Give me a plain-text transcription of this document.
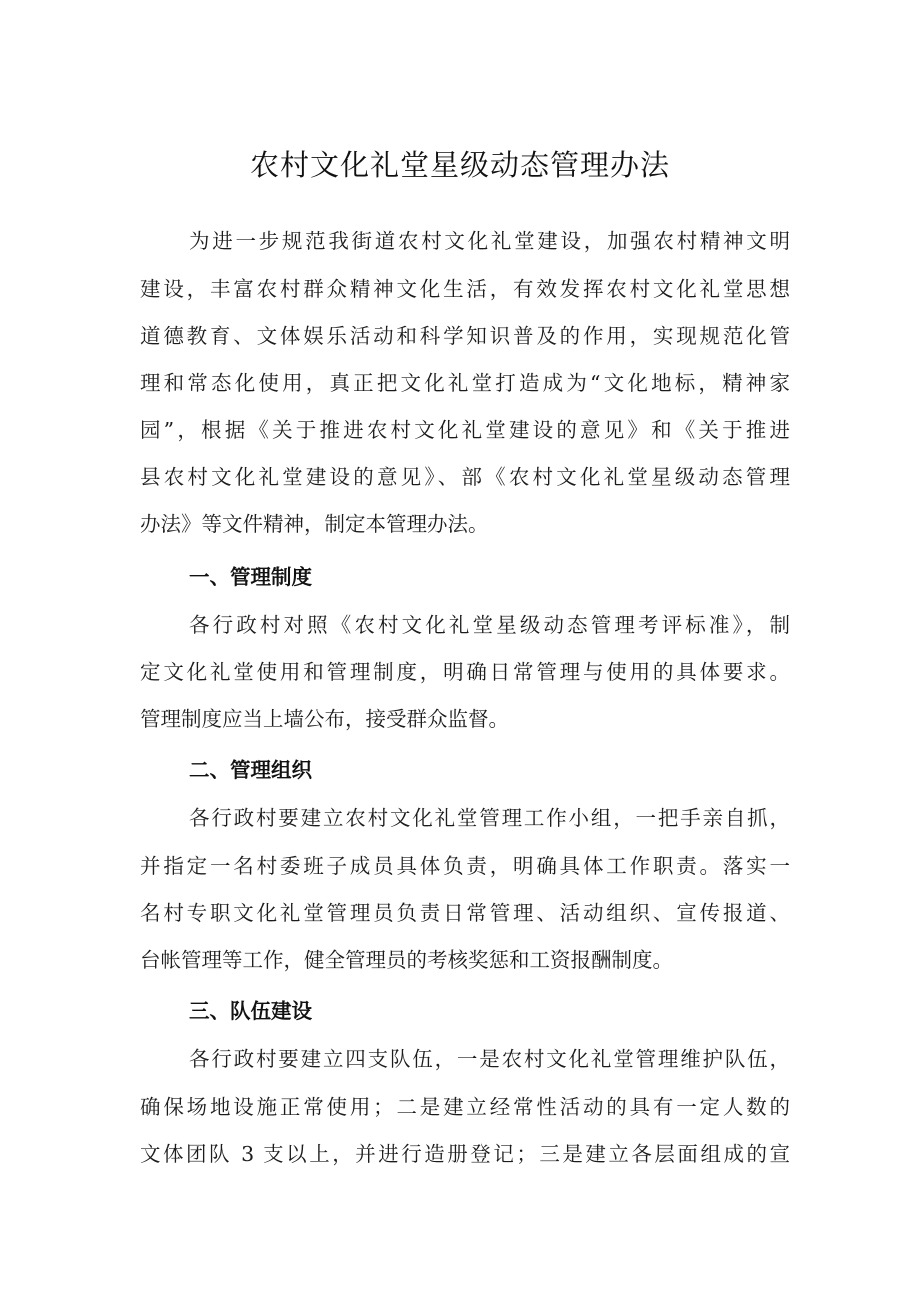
农村文化礼堂星级动态管理办法
为进一步规范我街道农村文化礼堂建设，加强农村精神文明
建设，丰富农村群众精神文化生活，有效发挥农村文化礼堂思想
道德教育、文体娱乐活动和科学知识普及的作用，实现规范化管
理和常态化使用，真正把文化礼堂打造成为“文化地标，精神家
园”，根据《关于推进农村文化礼堂建设的意见》和《关于推进
县农村文化礼堂建设的意见》、部《农村文化礼堂星级动态管理
办法》等文件精神，制定本管理办法。
一、管理制度
各行政村对照《农村文化礼堂星级动态管理考评标准》，制
定文化礼堂使用和管理制度，明确日常管理与使用的具体要求。
管理制度应当上墙公布，接受群众监督。
二、管理组织
各行政村要建立农村文化礼堂管理工作小组，一把手亲自抓，
并指定一名村委班子成员具体负责，明确具体工作职责。落实一
名村专职文化礼堂管理员负责日常管理、活动组织、宣传报道、
台帐管理等工作，健全管理员的考核奖惩和工资报酬制度。
三、队伍建设
各行政村要建立四支队伍，一是农村文化礼堂管理维护队伍，
确保场地设施正常使用；二是建立经常性活动的具有一定人数的
文体团队 3 支以上，并进行造册登记；三是建立各层面组成的宣
